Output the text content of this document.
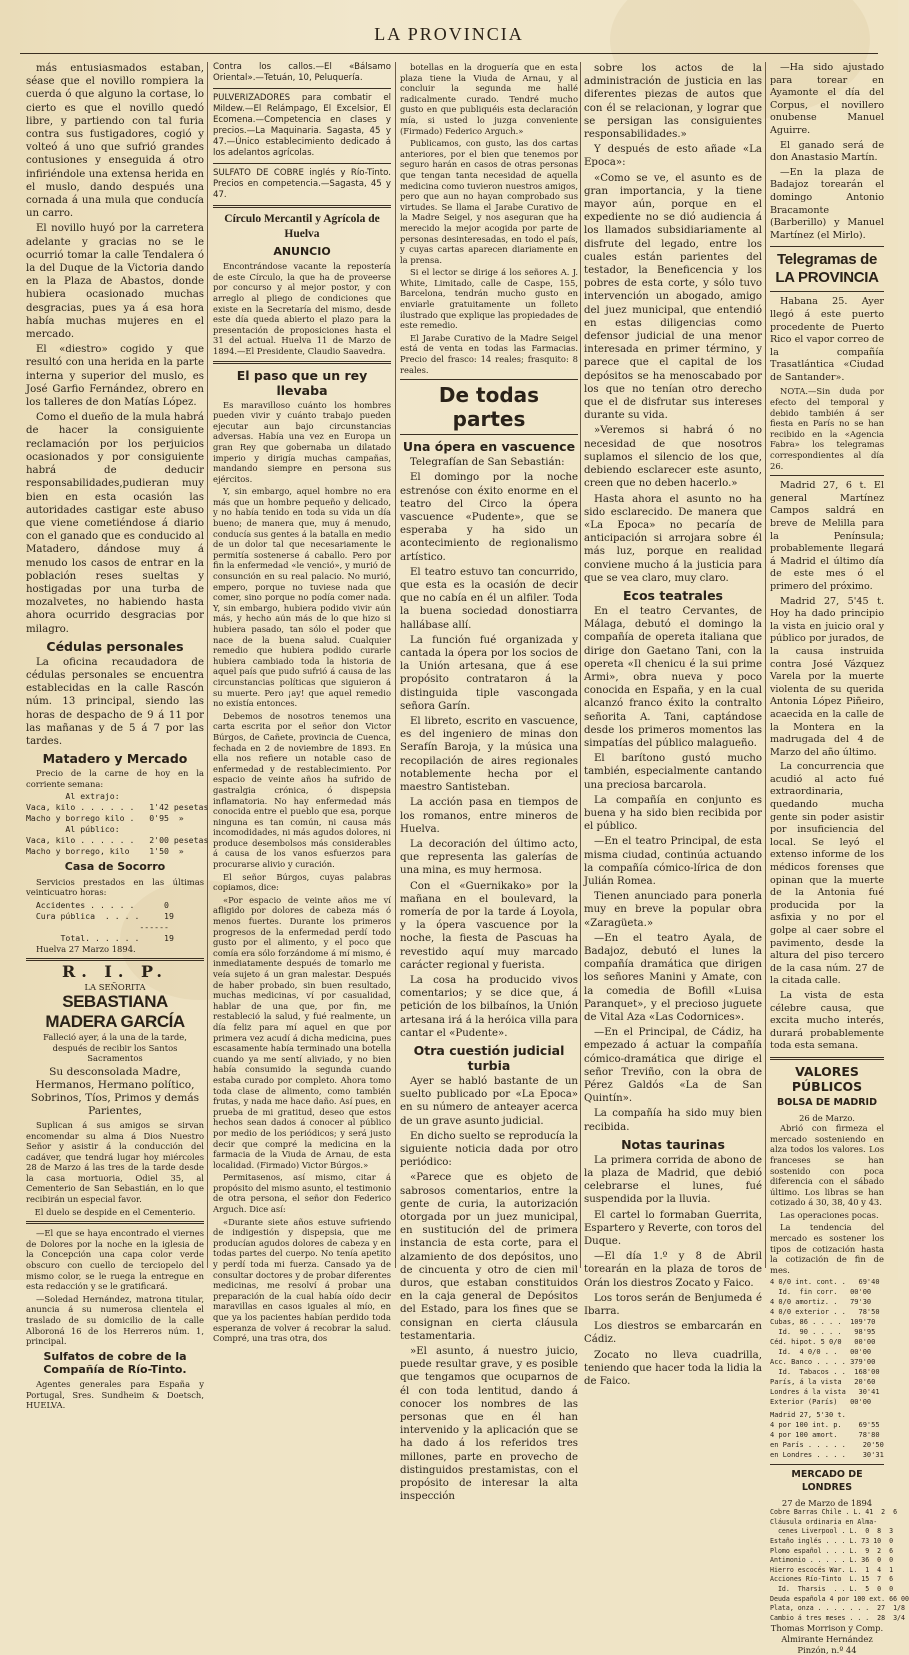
LA PROVINCIA

más entusiasmados estaban, séase que el novillo rompiera la cuerda ó que alguno la cortase, lo cierto es que el novillo quedó libre, y partiendo con tal furia contra sus fustigadores, cogió y volteó á uno que sufrió grandes contusiones y enseguida á otro infiriéndole una extensa herida en el muslo, dando después una cornada á una mula que conducía un carro.

El novillo huyó por la carretera adelante y gracias no se le ocurrió tomar la calle Tendalera ó la del Duque de la Victoria dando en la Plaza de Abastos, donde hubiera ocasionado muchas desgracias, pues ya á esa hora había muchas mujeres en el mercado.

El «diestro» cogido y que resultó con una herida en la parte interna y superior del muslo, es José Garfio Fernández, obrero en los talleres de don Matías López.

Como el dueño de la mula habrá de hacer la consiguiente reclamación por los perjuicios ocasionados y por consiguiente habrá de deducir responsabilidades,pudieran muy bien en esta ocasión las autoridades castigar este abuso que viene cometiéndose á diario con el ganado que es conducido al Matadero, dándose muy á menudo los casos de entrar en la población reses sueltas y hostigadas por una turba de mozalvetes, no habiendo hasta ahora ocurrido desgracias por milagro.

Cédulas personales

La oficina recaudadora de cédulas personales se encuentra establecidas en la calle Rascón núm. 13 principal, siendo las horas de despacho de 9 á 11 por las mañanas y de 5 á 7 por las tardes.

Matadero y Mercado

Precio de la carne de hoy en la corriente semana:

Al extrajo:
Vaca, kilo . . . . . .   1'42 pesetas
Macho y borrego kilo .   0'95  »
Al público:
Vaca, kilo . . . . . .   2'00 pesetas
Macho y borrego, kilo    1'50  »
Casa de Socorro

Servicios prestados en las últimas veinticuatro horas:

Accidentes . . . . .      0
Cura pública  . . . .     19
------
Total. . . . . .     19

Huelva 27 Marzo 1894.

R. I. P.
LA SEÑORITA
SEBASTIANA MADERA GARCÍA

Falleció ayer, á la una de la tarde, después de recibir los Santos Sacramentos

Su desconsolada Madre, Hermanos, Hermano político, Sobrinos, Tíos, Primos y demás Parientes,

Suplican á sus amigos se sirvan encomendar su alma á Dios Nuestro Señor y asistir á la conducción del cadáver, que tendrá lugar hoy miércoles 28 de Marzo á las tres de la tarde desde la casa mortuoria, Odiel 35, al Cementerio de San Sebastián, en lo que recibirán un especial favor.

El duelo se despide en el Cementerio.

—El que se haya encontrado el viernes de Dolores por la noche en la iglesia de la Concepción una capa color verde obscuro con cuello de terciopelo del mismo color, se le ruega la entregue en esta redacción y se le gratificará.

—Soledad Hernández, matrona titular, anuncia á su numerosa clientela el traslado de su domicilio de la calle Alboroná 16 de los Herreros núm. 1, principal.

Sulfatos de cobre de la Compañía de Río-Tinto.

Agentes generales para España y Portugal, Sres. Sundheim & Doetsch, HUELVA.

Contra los callos.—El «Bálsamo Oriental».—Tetuán, 10, Peluquería.

PULVERIZADORES para combatir el Mildew.—El Relámpago, El Excelsior, El Ecomena.—Competencia en clases y precios.—La Maquinaria. Sagasta, 45 y 47.—Único establecimiento dedicado á los adelantos agrícolas.

SULFATO DE COBRE inglés y Río-Tinto. Precios en competencia.—Sagasta, 45 y 47.

Círculo Mercantil y Agrícola de Huelva
ANUNCIO

Encontrándose vacante la repostería de este Círculo, la que ha de proveerse por concurso y al mejor postor, y con arreglo al pliego de condiciones que existe en la Secretaría del mismo, desde este día queda abierto el plazo para la presentación de proposiciones hasta el 31 del actual. Huelva 11 de Marzo de 1894.—El Presidente, Claudio Saavedra.

El paso que un rey llevaba

Es maravilloso cuánto los hombres pueden vivir y cuánto trabajo pueden ejecutar aun bajo circunstancias adversas. Había una vez en Europa un gran Rey que gobernaba un dilatado imperio y dirigía muchas campañas, mandando siempre en persona sus ejércitos.

Y, sin embargo, aquel hombre no era más que un hombre pequeño y delicado, y no había tenido en toda su vida un día bueno; de manera que, muy á menudo, conducía sus gentes á la batalla en medio de un dolor tal que necesariamente le permitía sostenerse á caballo. Pero por fin la enfermedad «le venció», y murió de consunción en su real palacio. No murió, empero, porque no tuviese nada que comer, sino porque no podía comer nada. Y, sin embargo, hubiera podido vivir aún más, y hecho aún más de lo que hizo si hubiera pasado, tan sólo el poder que nace de la buena salud. Cualquier remedio que hubiera podido curarle hubiera cambiado toda la historia de aquel país que pudo sufrió á causa de las circunstancias políticas que siguieron á su muerte. Pero ¡ay! que aquel remedio no existía entonces.

Debemos de nosotros tenemos una carta escrita por el señor don Victor Búrgos, de Cañete, provincia de Cuenca, fechada en 2 de noviembre de 1893. En ella nos refiere un notable caso de enfermedad y de restablecimiento. Por espacio de veinte años ha sufrido de gastralgia crónica, ó dispepsia inflamatoria. No hay enfermedad más conocida entre el pueblo que esa, porque ninguna es tan común, ni causa más incomodidades, ni más agudos dolores, ni produce desembolsos más considerables á causa de los vanos esfuerzos para procurarse alivio y curación.

El señor Búrgos, cuyas palabras copiamos, dice:

«Por espacio de veinte años me ví afligido por dolores de cabeza más ó menos fuertes. Durante los primeros progresos de la enfermedad perdí todo gusto por el alimento, y el poco que comía era sólo forzándome á mí mismo, é inmediatamente después de tomarlo me veía sujeto á un gran malestar. Después de haber probado, sin buen resultado, muchas medicinas, ví por casualidad, hablar de una que, por fin, me restableció la salud, y fué realmente, un día feliz para mí aquel en que por primera vez acudí á dicha medicina, pues escasamente había terminado una botella cuando ya me sentí aliviado, y no bien había consumido la segunda cuando estaba curado por completo. Ahora tomo toda clase de alimento, como también frutas, y nada me hace daño. Así pues, en prueba de mi gratitud, deseo que estos hechos sean dados á conocer al público por medio de los periódicos; y será justo decir que compré la medicina en la farmacia de la Viuda de Arnau, de esta localidad. (Firmado) Victor Búrgos.»

Permitasenos, así mismo, citar á propósito del mismo asunto, el testimonio de otra persona, el señor don Federico Arguch. Dice así:

«Durante siete años estuve sufriendo de indigestión y dispepsia, que me producían agudos dolores de cabeza y en todas partes del cuerpo. No tenía apetito y perdí toda mi fuerza. Cansado ya de consultar doctores y de probar diferentes medicinas, me resolví á probar una preparación de la cual había oído decir maravillas en casos iguales al mío, en que ya los pacientes habían perdido toda esperanza de volver á recobrar la salud. Compré, una tras otra, dos

botellas en la droguería que en esta plaza tiene la Viuda de Arnau, y al concluir la segunda me hallé radicalmente curado. Tendré mucho gusto en que publiquéis esta declaración mía, si usted lo juzga conveniente (Firmado) Federico Arguch.»

Publicamos, con gusto, las dos cartas anteriores, por el bien que tenemos por seguro harán en casos de otras personas que tengan tanta necesidad de aquella medicina como tuvieron nuestros amigos, pero que aun no hayan comprobado sus virtudes. Se llama el Jarabe Curativo de la Madre Seigel, y nos aseguran que ha merecido la mejor acogida por parte de personas desinteresadas, en todo el país, y cuyas cartas aparecen diariamente en la prensa.

Si el lector se dirige á los señores A. J. White, Limitado, calle de Caspe, 155, Barcelona, tendrán mucho gusto en enviarle gratuitamente un folleto ilustrado que explique las propiedades de este remedio.

El Jarabe Curativo de la Madre Seigel está de venta en todas las Farmacias. Precio del frasco: 14 reales; frasquito: 8 reales.

De todas partes
Una ópera en vascuence

Telegrafían de San Sebastián:

El domingo por la noche estrenóse con éxito enorme en el teatro del Circo la ópera vascuence «Pudente», que se esperaba y ha sido un acontecimiento de regionalismo artístico.

El teatro estuvo tan concurrido, que esta es la ocasión de decir que no cabía en él un alfiler. Toda la buena sociedad donostiarra hallábase allí.

La función fué organizada y cantada la ópera por los socios de la Unión artesana, que á ese propósito contrataron á la distinguida tiple vascongada señora Garín.

El libreto, escrito en vascuence, es del ingeniero de minas don Serafín Baroja, y la música una recopilación de aires regionales notablemente hecha por el maestro Santisteban.

La acción pasa en tiempos de los romanos, entre mineros de Huelva.

La decoración del último acto, que representa las galerías de una mina, es muy hermosa.

Con el «Guernikako» por la mañana en el boulevard, la romería de por la tarde á Loyola, y la ópera vascuence por la noche, la fiesta de Pascuas ha revestido aquí muy marcado carácter regional y fuerista.

La cosa ha producido vivos comentarios; y se dice que, á petición de los bilbaínos, la Unión artesana irá á la heróica villa para cantar el «Pudente».

Otra cuestión judicial turbia

Ayer se habló bastante de un suelto publicado por «La Epoca» en su número de anteayer acerca de un grave asunto judicial.

En dicho suelto se reproducía la siguiente noticia dada por otro periódico:

«Parece que es objeto de sabrosos comentarios, entre la gente de curia, la autorización otorgada por un juez municipal, en sustitución del de primera instancia de esta corte, para el alzamiento de dos depósitos, uno de cincuenta y otro de cien mil duros, que estaban constituidos en la caja general de Depósitos del Estado, para los fines que se consignan en cierta cláusula testamentaria.

»El asunto, á nuestro juicio, puede resultar grave, y es posible que tengamos que ocuparnos de él con toda lentitud, dando á conocer los nombres de las personas que en él han intervenido y la aplicación que se ha dado á los referidos tres millones, parte en provecho de distinguidos prestamistas, con el propósito de interesar la alta inspección

sobre los actos de la administración de justicia en las diferentes piezas de autos que con él se relacionan, y lograr que se persigan las consiguientes responsabilidades.»

Y después de esto añade «La Epoca»:

«Como se ve, el asunto es de gran importancia, y la tiene mayor aún, porque en el expediente no se dió audiencia á los llamados subsidiariamente al disfrute del legado, entre los cuales están parientes del testador, la Beneficencia y los pobres de esta corte, y sólo tuvo intervención un abogado, amigo del juez municipal, que entendió en estas diligencias como defensor judicial de una menor interesada en primer término, y parece que el capital de los depósitos se ha menoscabado por los que no tenían otro derecho que el de disfrutar sus intereses durante su vida.

»Veremos si habrá ó no necesidad de que nosotros suplamos el silencio de los que, debiendo esclarecer este asunto, creen que no deben hacerlo.»

Hasta ahora el asunto no ha sido esclarecido. De manera que «La Epoca» no pecaría de anticipación si arrojara sobre él más luz, porque en realidad conviene mucho á la justicia para que se vea claro, muy claro.

Ecos teatrales

En el teatro Cervantes, de Málaga, debutó el domingo la compañía de opereta italiana que dirige don Gaetano Tani, con la opereta «Il chenicu é la sui prime Armi», obra nueva y poco conocida en España, y en la cual alcanzó franco éxito la contralto señorita A. Tani, captándose desde los primeros momentos las simpatías del público malagueño.

El barítono gustó mucho también, especialmente cantando una preciosa barcarola.

La compañía en conjunto es buena y ha sido bien recibida por el público.

—En el teatro Principal, de esta misma ciudad, continúa actuando la compañía cómico-lírica de don Julián Romea.

Tienen anunciado para ponerla muy en breve la popular obra «Zaragüeta.»

—En el teatro Ayala, de Badajoz, debutó el lunes la compañía dramática que dirigen los señores Manini y Amate, con la comedia de Bofill «Luisa Paranquet», y el precioso juguete de Vital Aza «Las Codornices».

—En el Principal, de Cádiz, ha empezado á actuar la compañía cómico-dramática que dirige el señor Treviño, con la obra de Pérez Galdós «La de San Quintín».

La compañía ha sido muy bien recibida.

Notas taurinas

La primera corrida de abono de la plaza de Madrid, que debió celebrarse el lunes, fué suspendida por la lluvia.

El cartel lo formaban Guerrita, Espartero y Reverte, con toros del Duque.

—El día 1.º y 8 de Abril torearán en la plaza de toros de Orán los diestros Zocato y Faico.

Los toros serán de Benjumeda é Ibarra.

Los diestros se embarcarán en Cádiz.

Zocato no lleva cuadrilla, teniendo que hacer toda la lidia la de Faico.

—Ha sido ajustado para torear en Ayamonte el día del Corpus, el novillero onubense Manuel Aguirre.

El ganado será de don Anastasio Martín.

—En la plaza de Badajoz torearán el domingo Antonio Bracamonte (Barberillo) y Manuel Martínez (el Mirlo).

Telegramas de LA PROVINCIA

Habana 25. Ayer llegó á este puerto procedente de Puerto Rico el vapor correo de la compañía Trasatlántica «Ciudad de Santander».

NOTA.—Sin duda por efecto del temporal y debido también á ser fiesta en París no se han recibido en la «Agencia Fabra» los telegramas correspondientes al día 26.

Madrid 27, 6 t. El general Martínez Campos saldrá en breve de Melilla para la Península; probablemente llegará á Madrid el último día de este mes ó el primero del próximo.

Madrid 27, 5'45 t. Hoy ha dado principio la vista en juicio oral y público por jurados, de la causa instruida contra José Vázquez Varela por la muerte violenta de su querida Antonia López Piñeiro, acaecida en la calle de la Montera en la madrugada del 4 de Marzo del año último.

La concurrencia que acudió al acto fué extraordinaria, quedando mucha gente sin poder asistir por insuficiencia del local. Se leyó el extenso informe de los médicos forenses que opinan que la muerte de la Antonia fué producida por la asfixia y no por el golpe al caer sobre el pavimento, desde la altura del piso tercero de la casa núm. 27 de la citada calle.

La vista de esta célebre causa, que excita mucho interés, durará probablemente toda esta semana.

VALORES PÚBLICOS
BOLSA DE MADRID
26 de Marzo.

Abrió con firmeza el mercado sosteniendo en alza todos los valores. Los franceses se han sostenido con poca diferencia con el sábado último. Los libras se han cotizado á 30, 38, 40 y 43.

Las operaciones pocas.

La tendencia del mercado es sostener los tipos de cotización hasta la cotización de fin de mes.

4 0/0 int. cont. .   69'40
Id.  fin corr.   00'00
4 0/0 amortiz. .   79'30
4 0/0 exterior . .   78'50
Cubas, 86 . . . .  109'70
Id.  90 . . . .   98'95
Céd. hipot. 5 0/0   00'00
Id.  4 0/0 . .   00'00
Acc. Banco . . . . 379'00
Id.  Tabacos . .  168'00
París, á la vista   20'60
Londres á la vista   30'41
Exterior (París)   00'00
Madrid 27, 5'30 t.
4 por 100 int. p.    69'55
4 por 100 amort.     78'80
en París . . . . .    20'50
en Londres . . . .    30'31
MERCADO DE LONDRES
27 de Marzo de 1894
Cobre Barras Chile . L. 41  2  6
Cláusula ordinaria en Alma-
cenes Liverpool . L.  0  8  3
Estaño inglés . . . L. 73 10  0
Plomo español . . . L.  9  2  6
Antimonio . . . . . L. 36  0  0
Hierro escocés War. L.  1  4  1
Acciones Río-Tinto  L. 15  7  6
Id.  Tharsis  . . L.  5  0  0
Deuda española 4 por 100 ext. 66 00
Plata, onza . . . . . . .  27  1/8
Cambio á tres meses . . .  28  3/4
Thomas Morrison y Comp.
Almirante Hernández Pinzón, n.º 44
